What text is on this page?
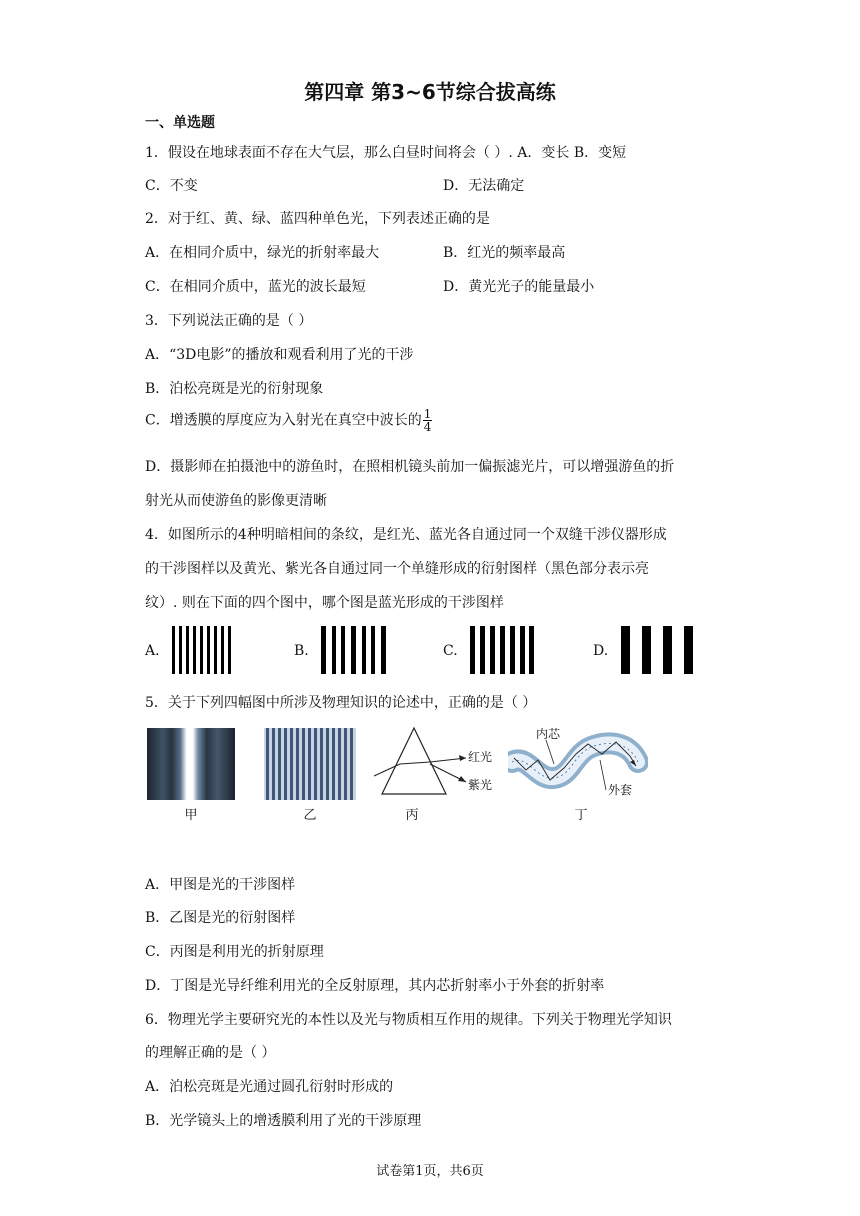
第四章 第3~6节综合拔高练
一、单选题
1．假设在地球表面不存在大气层，那么白昼时间将会（ ）. A．变长 B．变短
C．不变	D．无法确定
2．对于红、黄、绿、蓝四种单色光，下列表述正确的是
A．在相同介质中，绿光的折射率最大	B．红光的频率最高
C．在相同介质中，蓝光的波长最短	D．黄光光子的能量最小
3．下列说法正确的是（ ）
A．“3D电影”的播放和观看利用了光的干涉
B．泊松亮斑是光的衍射现象
C．增透膜的厚度应为入射光在真空中波长的 $\frac{1}{4}$
D．摄影师在拍摄池中的游鱼时，在照相机镜头前加一偏振滤光片，可以增强游鱼的折
射光从而使游鱼的影像更清晰
4．如图所示的4种明暗相间的条纹，是红光、蓝光各自通过同一个双缝干涉仪器形成
的干涉图样以及黄光、紫光各自通过同一个单缝形成的衍射图样（黑色部分表示亮
纹）. 则在下面的四个图中，哪个图是蓝光形成的干涉图样
A.	B.	C.	D.
5．关于下列四幅图中所涉及物理知识的论述中，正确的是（ ）
甲	乙
红光
紫光
丙
内芯
外套
丁
A．甲图是光的干涉图样
B．乙图是光的衍射图样
C．丙图是利用光的折射原理
D．丁图是光导纤维利用光的全反射原理，其内芯折射率小于外套的折射率
6．物理光学主要研究光的本性以及光与物质相互作用的规律。下列关于物理光学知识
的理解正确的是（ ）
A．泊松亮斑是光通过圆孔衍射时形成的
B．光学镜头上的增透膜利用了光的干涉原理
试卷第1页，共6页
